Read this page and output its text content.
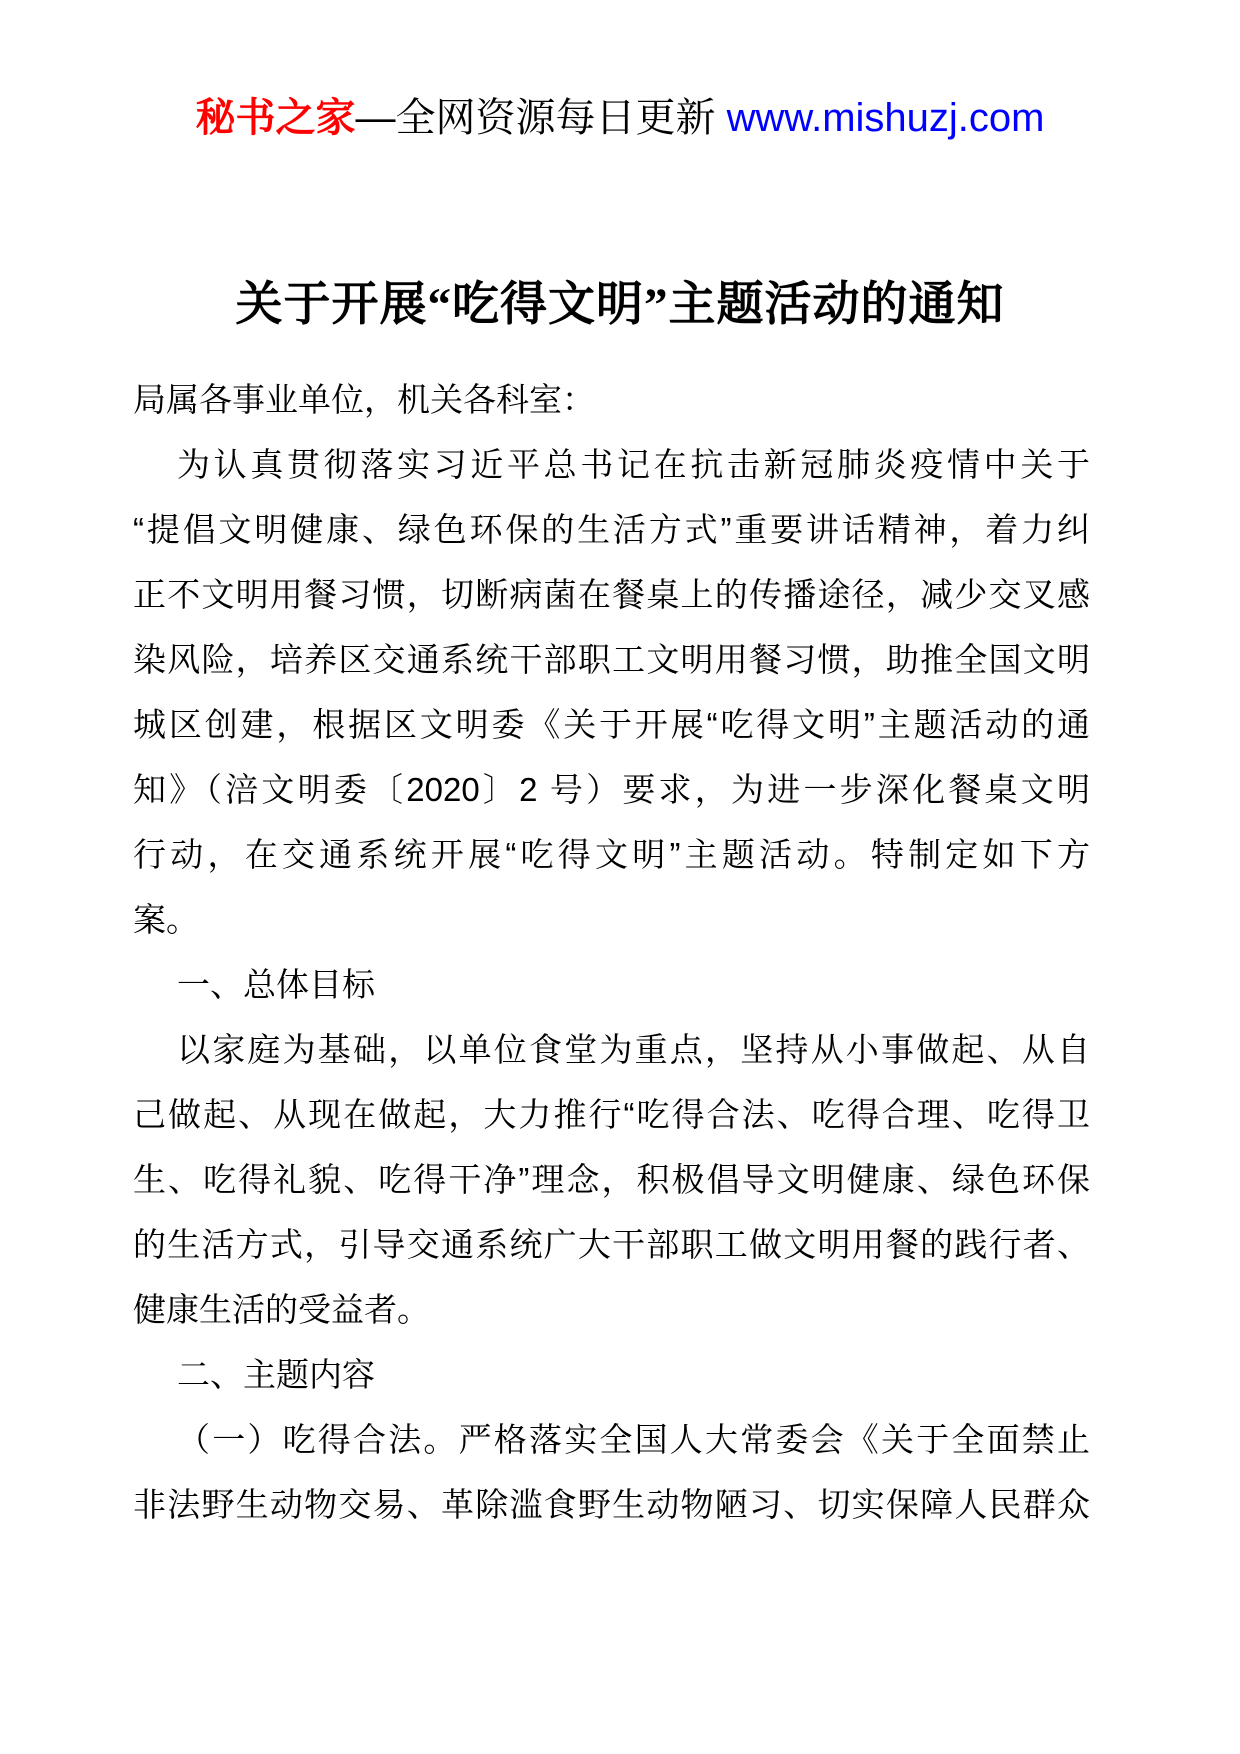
秘书之家—全网资源每日更新 www.mishuzj.com
关于开展“吃得文明”主题活动的通知
局属各事业单位，机关各科室：
为认真贯彻落实习近平总书记在抗击新冠肺炎疫情中关于
“提倡文明健康、绿色环保的生活方式”重要讲话精神，着力纠
正不文明用餐习惯，切断病菌在餐桌上的传播途径，减少交叉感
染风险，培养区交通系统干部职工文明用餐习惯，助推全国文明
城区创建，根据区文明委《关于开展“吃得文明”主题活动的通
知》（涪文明委〔2020〕2 号）要求，为进一步深化餐桌文明
行动，在交通系统开展“吃得文明”主题活动。特制定如下方
案。
一、总体目标
以家庭为基础，以单位食堂为重点，坚持从小事做起、从自
己做起、从现在做起，大力推行“吃得合法、吃得合理、吃得卫
生、吃得礼貌、吃得干净”理念，积极倡导文明健康、绿色环保
的生活方式，引导交通系统广大干部职工做文明用餐的践行者、
健康生活的受益者。
二、主题内容
（一）吃得合法。严格落实全国人大常委会《关于全面禁止
非法野生动物交易、革除滥食野生动物陋习、切实保障人民群众
